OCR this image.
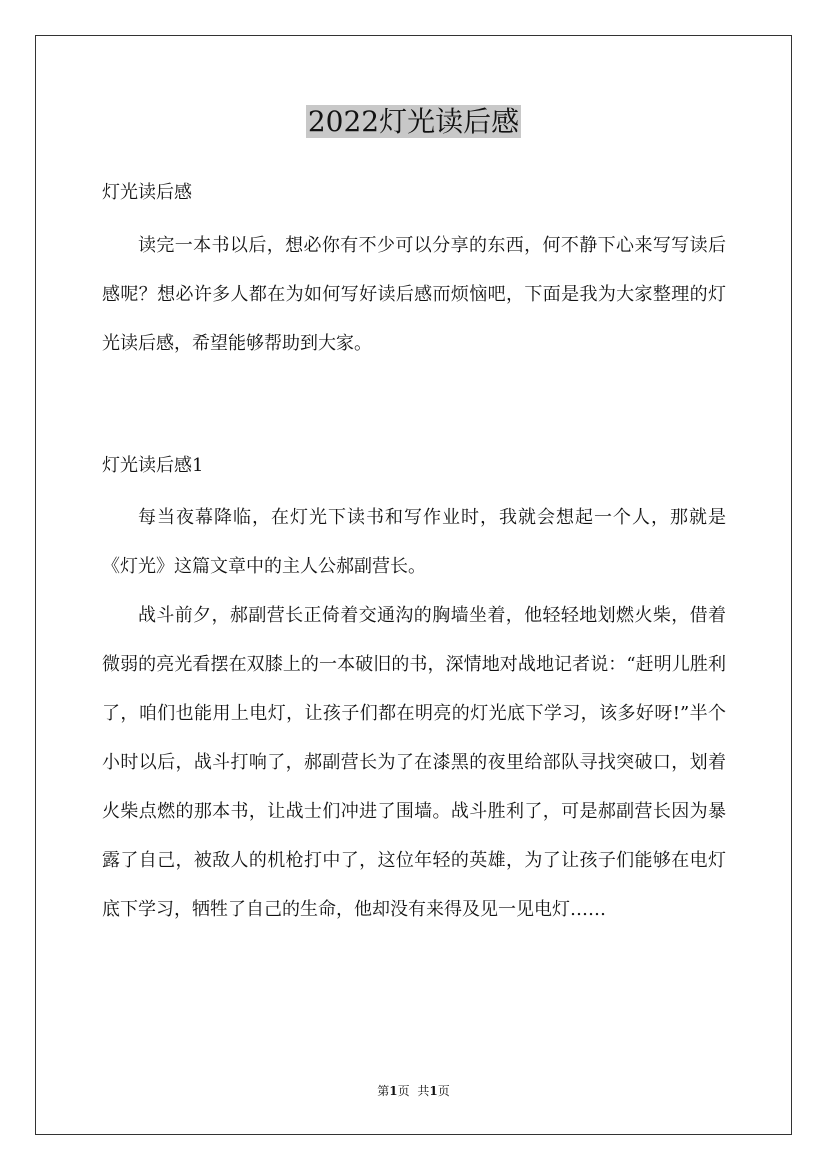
2022灯光读后感
灯光读后感

读完一本书以后，想必你有不少可以分享的东西，何不静下心来写写读后感呢？想必许多人都在为如何写好读后感而烦恼吧，下面是我为大家整理的灯光读后感，希望能够帮助到大家。

灯光读后感1

每当夜幕降临，在灯光下读书和写作业时，我就会想起一个人，那就是《灯光》这篇文章中的主人公郝副营长。

战斗前夕，郝副营长正倚着交通沟的胸墙坐着，他轻轻地划燃火柴，借着微弱的亮光看摆在双膝上的一本破旧的书，深情地对战地记者说：“赶明儿胜利了，咱们也能用上电灯，让孩子们都在明亮的灯光底下学习，该多好呀!”半个小时以后，战斗打响了，郝副营长为了在漆黑的夜里给部队寻找突破口，划着火柴点燃的那本书，让战士们冲进了围墙。战斗胜利了，可是郝副营长因为暴露了自己，被敌人的机枪打中了，这位年轻的英雄，为了让孩子们能够在电灯底下学习，牺牲了自己的生命，他却没有来得及见一见电灯……

第1页 共1页
